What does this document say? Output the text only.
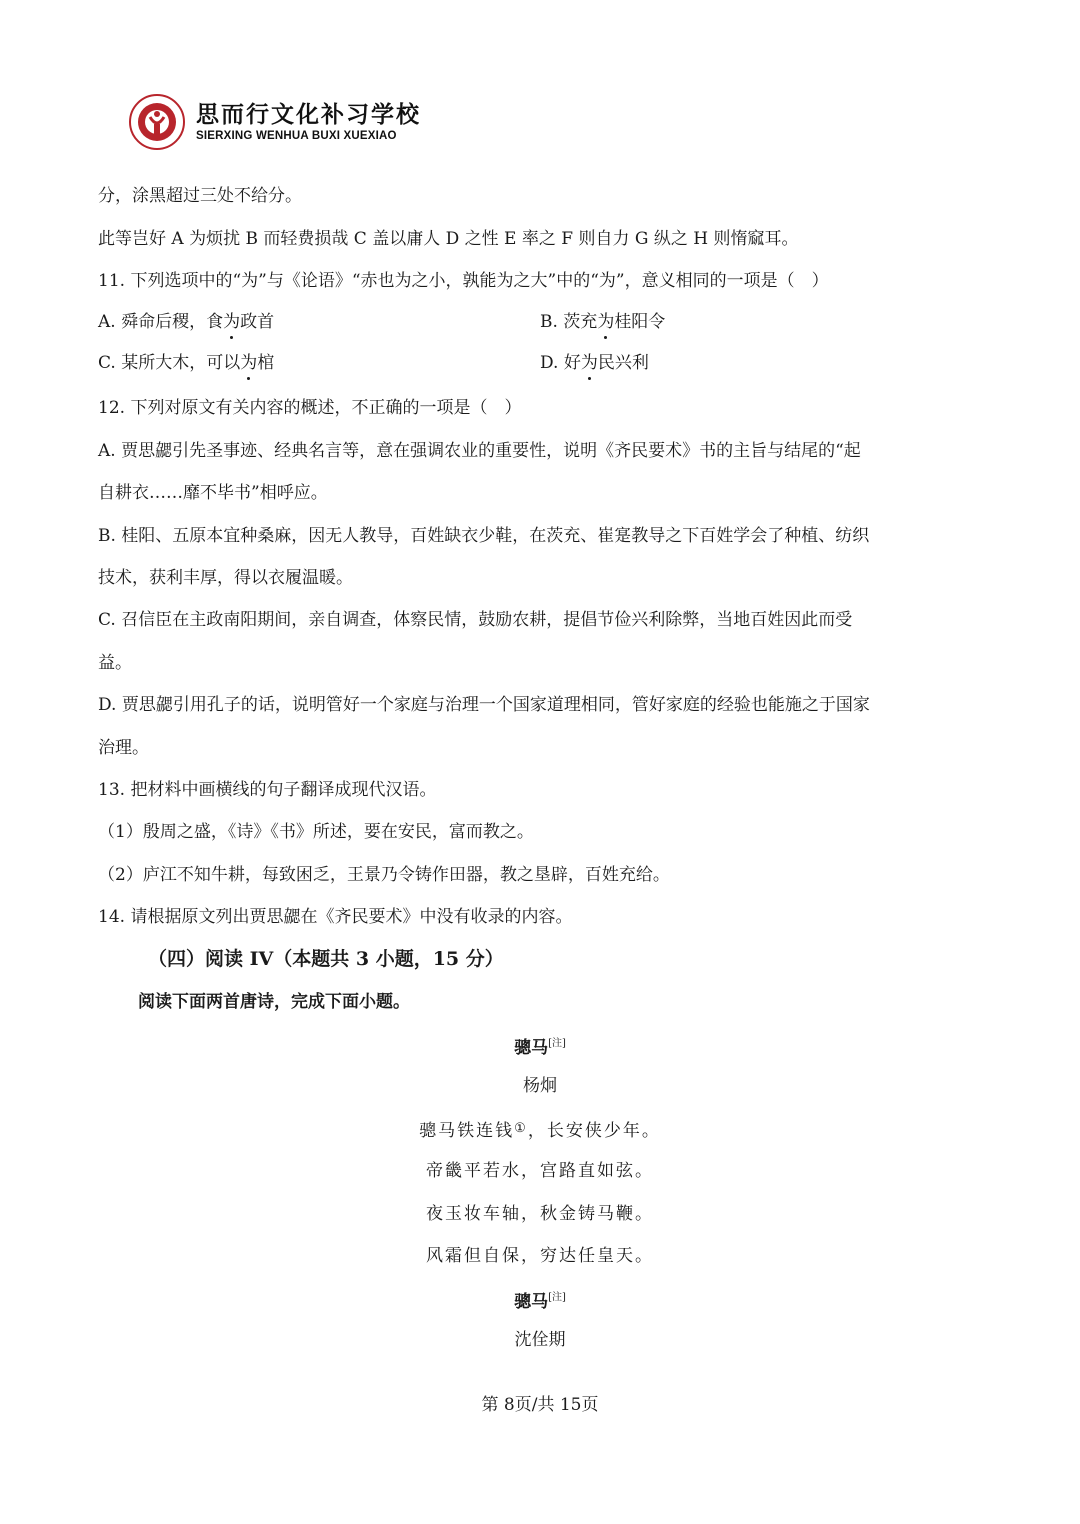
思而行文化补习学校
SIERXING WENHUA BUXI XUEXIAO
分，涂黑超过三处不给分。
此等岂好 A 为烦扰 B 而轻费损哉 C 盖以庸人 D 之性 E 率之 F 则自力 G 纵之 H 则惰窳耳。
11. 下列选项中的“为”与《论语》“赤也为之小，孰能为之大”中的“为”，意义相同的一项是（　）
A. 舜命后稷，食为政首	B. 茨充为桂阳令
C. 某所大木，可以为棺	D. 好为民兴利
12. 下列对原文有关内容的概述，不正确的一项是（　）
A. 贾思勰引先圣事迹、经典名言等，意在强调农业的重要性，说明《齐民要术》书的主旨与结尾的“起
自耕衣……靡不毕书”相呼应。
B. 桂阳、五原本宜种桑麻，因无人教导，百姓缺衣少鞋，在茨充、崔寔教导之下百姓学会了种植、纺织
技术，获利丰厚，得以衣履温暖。
C. 召信臣在主政南阳期间，亲自调查，体察民情，鼓励农耕，提倡节俭兴利除弊，当地百姓因此而受
益。
D. 贾思勰引用孔子的话，说明管好一个家庭与治理一个国家道理相同，管好家庭的经验也能施之于国家
治理。
13. 把材料中画横线的句子翻译成现代汉语。
（1）殷周之盛，《诗》《书》所述，要在安民，富而教之。
（2）庐江不知牛耕，每致困乏，王景乃令铸作田器，教之垦辟，百姓充给。
14. 请根据原文列出贾思勰在《齐民要术》中没有收录的内容。
（四）阅读 IV（本题共 3 小题，15 分）
阅读下面两首唐诗，完成下面小题。
骢马[注]
杨炯
骢马铁连钱①，长安侠少年。
帝畿平若水，宫路直如弦。
夜玉妆车轴，秋金铸马鞭。
风霜但自保，穷达任皇天。
骢马[注]
沈佺期
第 8页/共 15页
